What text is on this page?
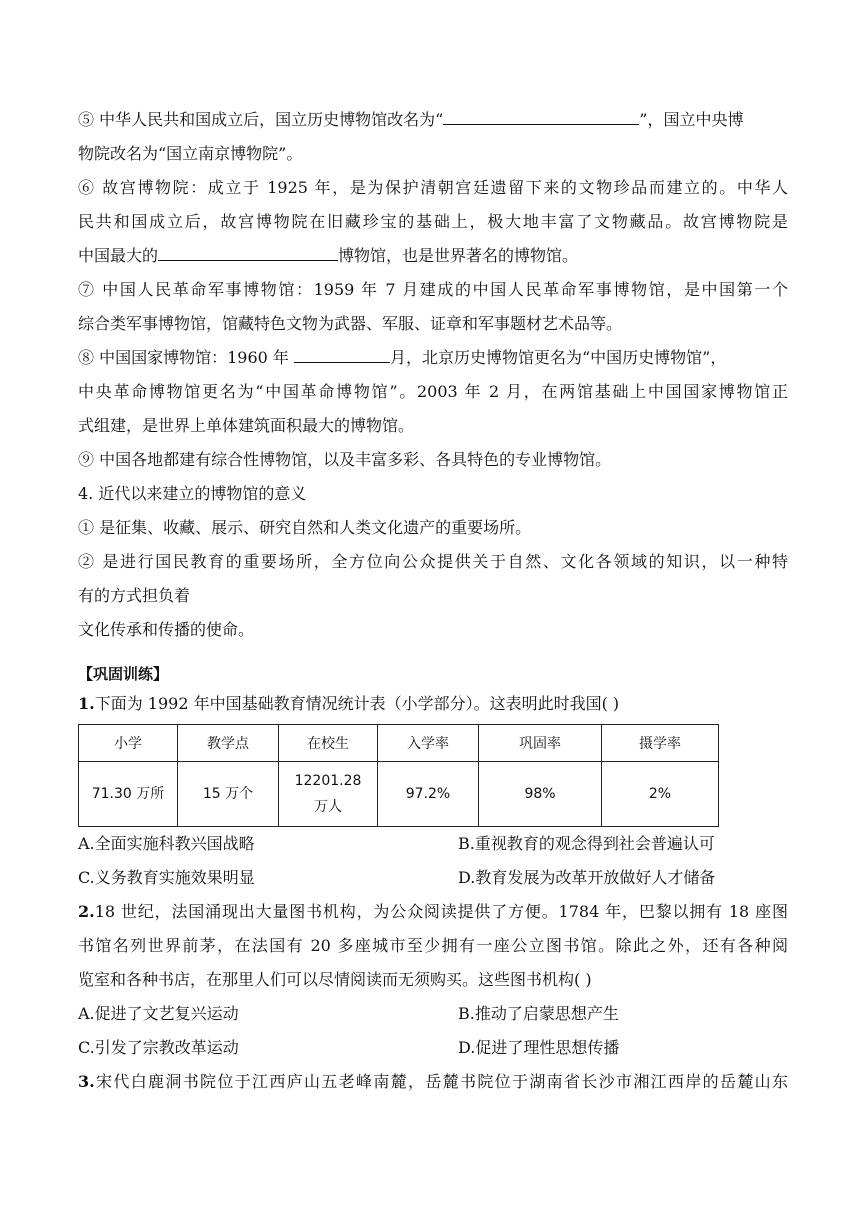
⑤ 中华人民共和国成立后，国立历史博物馆改名为“	”，国立中央博
物院改名为“国立南京博物院”。
⑥ 故宫博物院：成立于 1925 年，是为保护清朝宫廷遗留下来的文物珍品而建立的。中华人
民共和国成立后，故宫博物院在旧藏珍宝的基础上，极大地丰富了文物藏品。故宫博物院是
中国最大的	博物馆，也是世界著名的博物馆。
⑦ 中国人民革命军事博物馆：1959 年 7 月建成的中国人民革命军事博物馆，是中国第一个
综合类军事博物馆，馆藏特色文物为武器、军服、证章和军事题材艺术品等。
⑧ 中国国家博物馆：1960 年	月，北京历史博物馆更名为“中国历史博物馆”，
中央革命博物馆更名为“中国革命博物馆”。2003 年 2 月，在两馆基础上中国国家博物馆正
式组建，是世界上单体建筑面积最大的博物馆。
⑨ 中国各地都建有综合性博物馆，以及丰富多彩、各具特色的专业博物馆。
4. 近代以来建立的博物馆的意义
① 是征集、收藏、展示、研究自然和人类文化遗产的重要场所。
② 是进行国民教育的重要场所，全方位向公众提供关于自然、文化各领域的知识，以一种特
有的方式担负着
文化传承和传播的使命。
【巩固训练】
1.下面为 1992 年中国基础教育情况统计表（小学部分）。这表明此时我国( )
小学	教学点	在校生	入学率	巩固率	摄学率
71.30 万所	15 万个	12201.28
万人	97.2%	98%	2%
A.全面实施科教兴国战略	B.重视教育的观念得到社会普遍认可
C.义务教育实施效果明显	D.教育发展为改革开放做好人才储备
2.18 世纪，法国涌现出大量图书机构，为公众阅读提供了方便。1784 年，巴黎以拥有 18 座图
书馆名列世界前茅，在法国有 20 多座城市至少拥有一座公立图书馆。除此之外，还有各种阅
览室和各种书店，在那里人们可以尽情阅读而无须购买。这些图书机构( )
A.促进了文艺复兴运动	B.推动了启蒙思想产生
C.引发了宗教改革运动	D.促进了理性思想传播
3.宋代白鹿洞书院位于江西庐山五老峰南麓，岳麓书院位于湖南省长沙市湘江西岸的岳麓山东
